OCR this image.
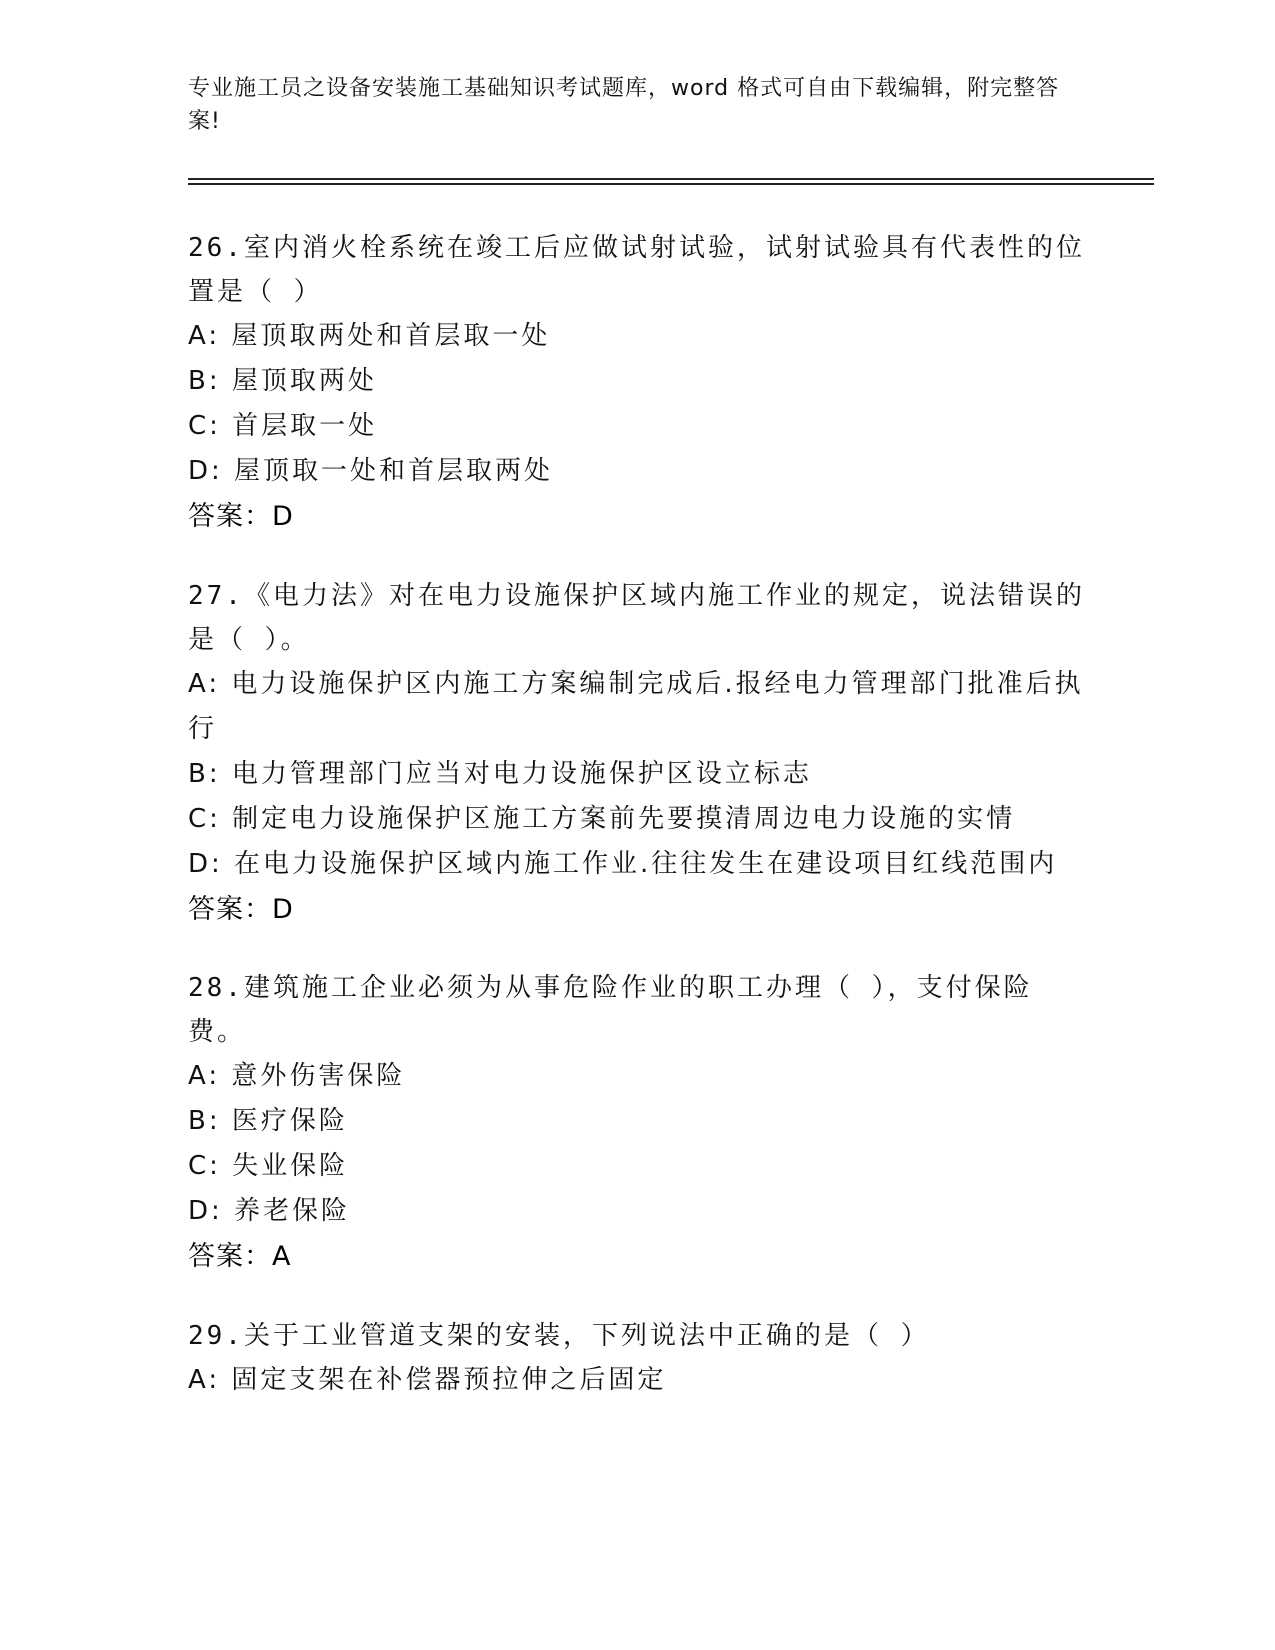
专业施工员之设备安装施工基础知识考试题库，word 格式可自由下载编辑，附完整答案!
26.室内消火栓系统在竣工后应做试射试验，试射试验具有代表性的位置是（ ）
A: 屋顶取两处和首层取一处
B: 屋顶取两处
C: 首层取一处
D: 屋顶取一处和首层取两处
答案：D
27.《电力法》对在电力设施保护区域内施工作业的规定，说法错误的是（ ）。
A: 电力设施保护区内施工方案编制完成后.报经电力管理部门批准后执行
B: 电力管理部门应当对电力设施保护区设立标志
C: 制定电力设施保护区施工方案前先要摸清周边电力设施的实情
D: 在电力设施保护区域内施工作业.往往发生在建设项目红线范围内
答案：D
28.建筑施工企业必须为从事危险作业的职工办理（ ），支付保险费。
A: 意外伤害保险
B: 医疗保险
C: 失业保险
D: 养老保险
答案：A
29.关于工业管道支架的安装，下列说法中正确的是（ ）
A: 固定支架在补偿器预拉伸之后固定
